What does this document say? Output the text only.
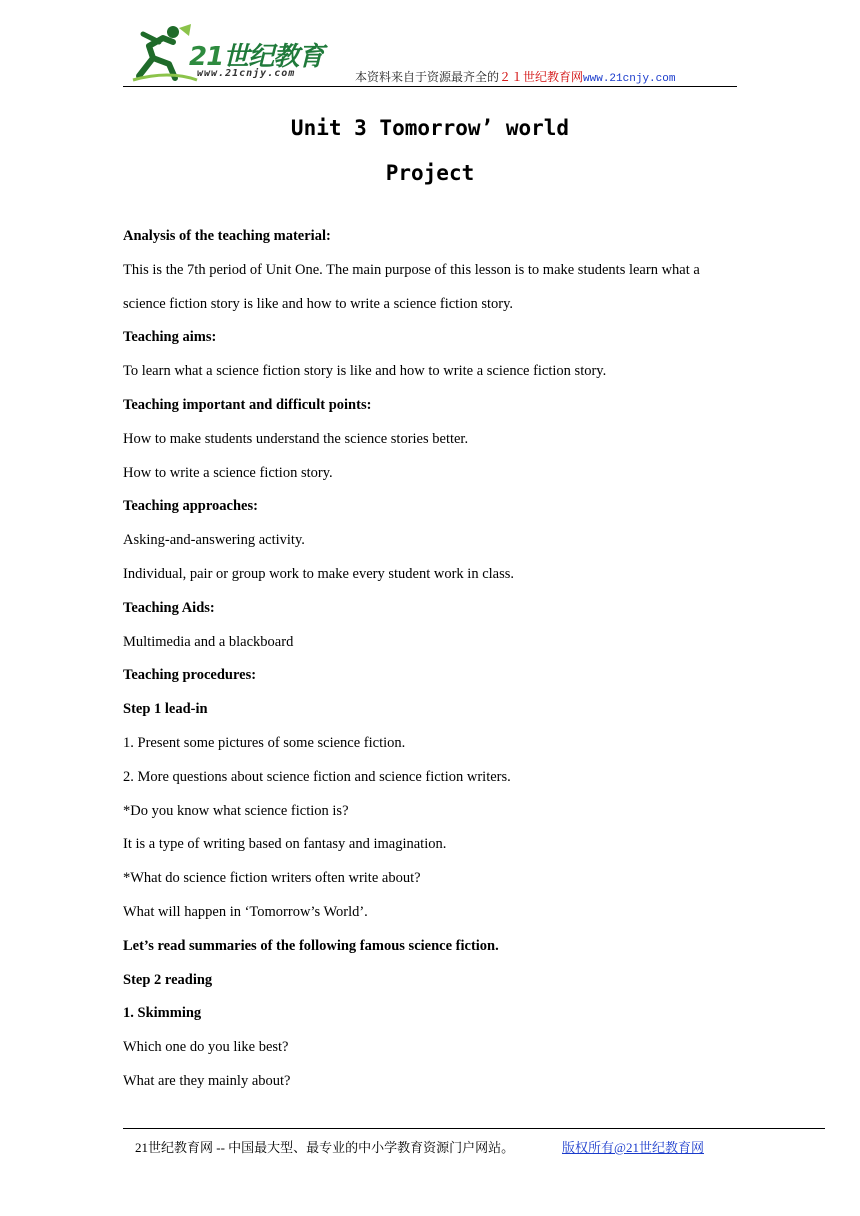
21世纪教育
www.21cnjy.com	本资料来自于资源最齐全的２１世纪教育网www.21cnjy.com
Unit 3 Tomorrow’ world
Project
Analysis of the teaching material:
This is the 7th period of Unit One. The main purpose of this lesson is to make students learn what a
science fiction story is like and how to write a science fiction story.
Teaching aims:
To learn what a science fiction story is like and how to write a science fiction story.
Teaching important and difficult points:
How to make students understand the science stories better.
How to write a science fiction story.
Teaching approaches:
Asking-and-answering activity.
Individual, pair or group work to make every student work in class.
Teaching Aids:
Multimedia and a blackboard
Teaching procedures:
Step 1 lead-in
1. Present some pictures of some science fiction.
2. More questions about science fiction and science fiction writers.
*Do you know what science fiction is?
It is a type of writing based on fantasy and imagination.
*What do science fiction writers often write about?
What will happen in ‘Tomorrow’s World’.
Let’s read summaries of the following famous science fiction.
Step 2 reading
1. Skimming
Which one do you like best?
What are they mainly about?
21世纪教育网 -- 中国最大型、最专业的中小学教育资源门户网站。	版权所有@21世纪教育网
